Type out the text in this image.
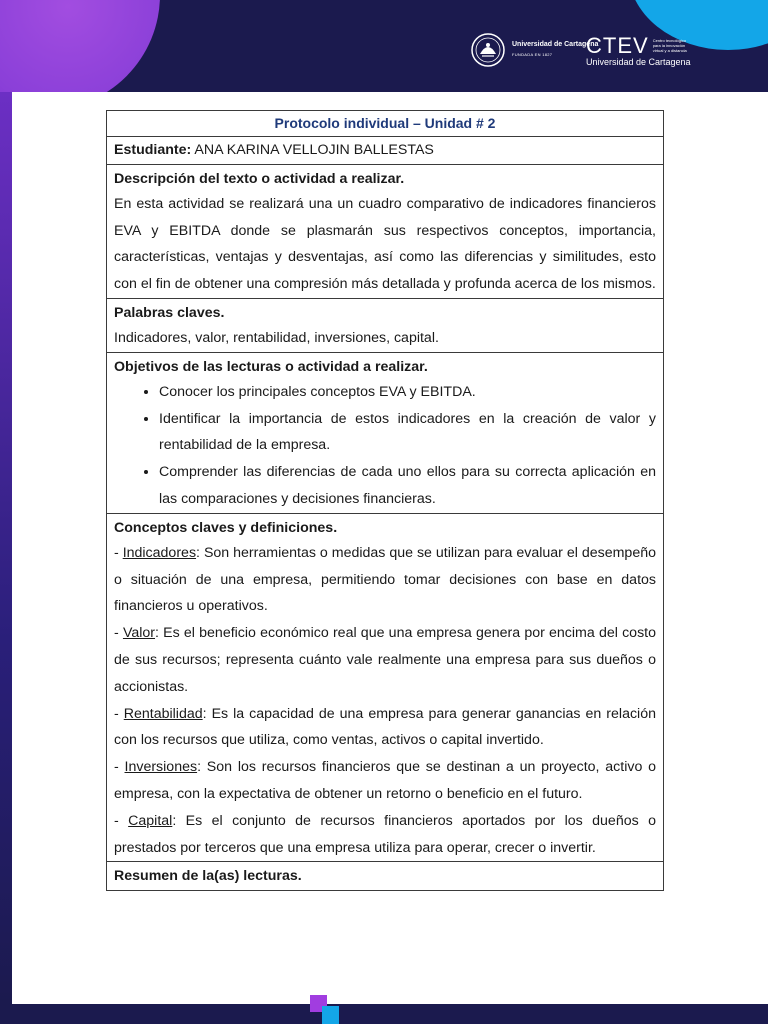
Universidad de Cartagena
FUNDADA EN 1827	CTEV Centro tecnológico para la innovación virtual y a distancia
Universidad de Cartagena
Protocolo individual – Unidad # 2
Estudiante: ANA KARINA VELLOJIN BALLESTAS

Descripción del texto o actividad a realizar.
En esta actividad se realizará una un cuadro comparativo de indicadores financieros EVA y EBITDA donde se plasmarán sus respectivos conceptos, importancia, características, ventajas y desventajas, así como las diferencias y similitudes, esto con el fin de obtener una compresión más detallada y profunda acerca de los mismos.

Palabras claves.
Indicadores, valor, rentabilidad, inversiones, capital.

Objetivos de las lecturas o actividad a realizar.
• Conocer los principales conceptos EVA y EBITDA.
• Identificar la importancia de estos indicadores en la creación de valor y rentabilidad de la empresa.
• Comprender las diferencias de cada uno ellos para su correcta aplicación en las comparaciones y decisiones financieras.

Conceptos claves y definiciones.
- Indicadores: Son herramientas o medidas que se utilizan para evaluar el desempeño o situación de una empresa, permitiendo tomar decisiones con base en datos financieros u operativos.
- Valor: Es el beneficio económico real que una empresa genera por encima del costo de sus recursos; representa cuánto vale realmente una empresa para sus dueños o accionistas.
- Rentabilidad: Es la capacidad de una empresa para generar ganancias en relación con los recursos que utiliza, como ventas, activos o capital invertido.
- Inversiones: Son los recursos financieros que se destinan a un proyecto, activo o empresa, con la expectativa de obtener un retorno o beneficio en el futuro.
- Capital: Es el conjunto de recursos financieros aportados por los dueños o prestados por terceros que una empresa utiliza para operar, crecer o invertir.

Resumen de la(as) lecturas.
